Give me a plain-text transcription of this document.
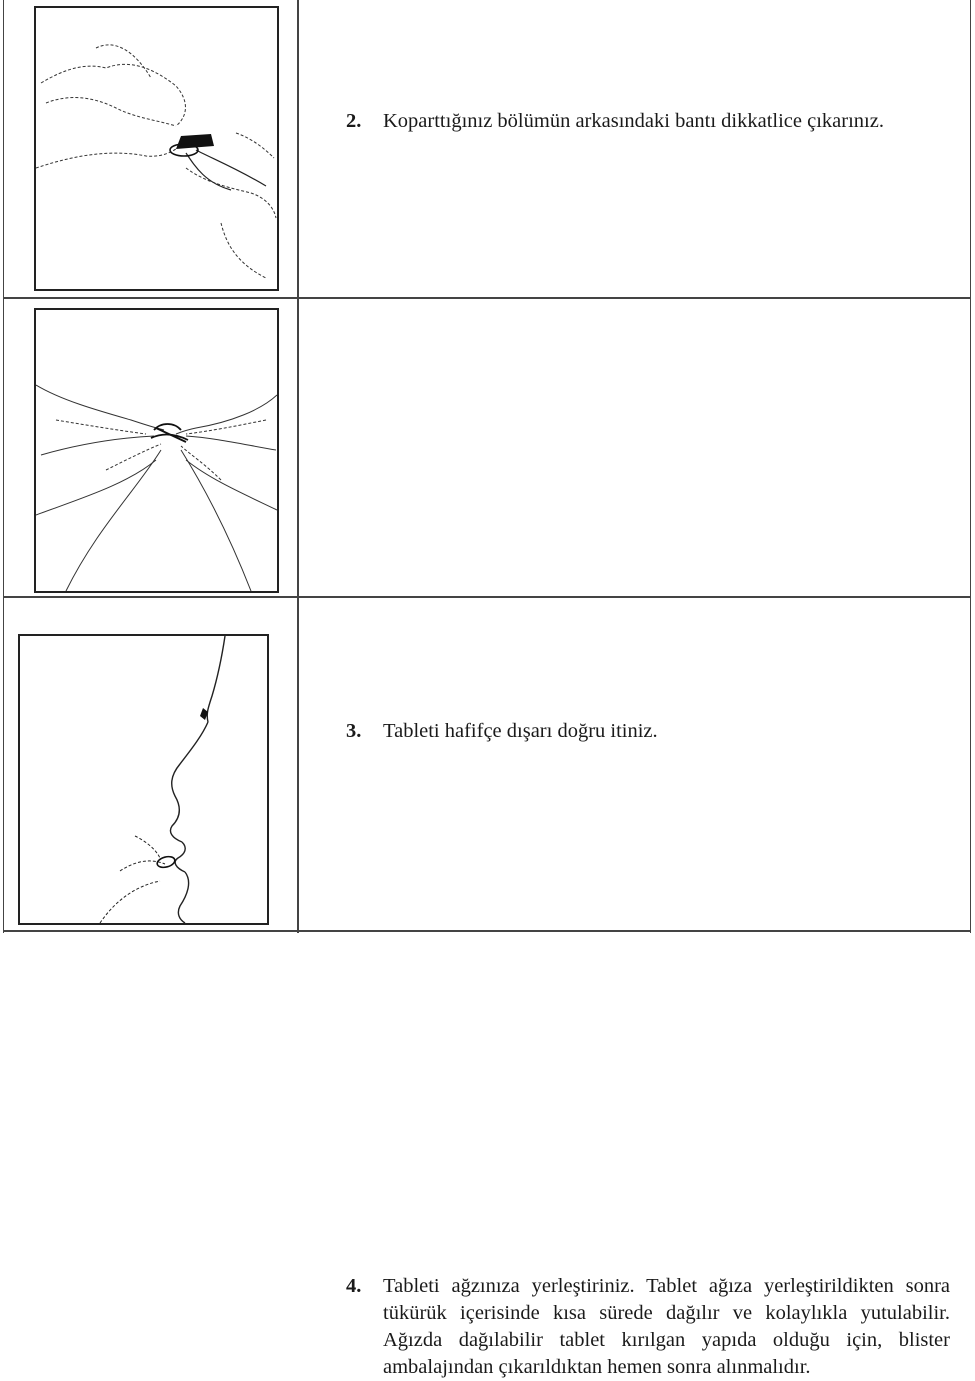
2. Koparttığınız bölümün arkasındaki bantı dikkatlice çıkarınız.
3. Tableti hafifçe dışarı doğru itiniz.
4. Tableti ağzınıza yerleştiriniz. Tablet ağıza yerleştirildikten sonra tükürük içerisinde kısa sürede dağılır ve kolaylıkla yutulabilir. Ağızda dağılabilir tablet kırılgan yapıda olduğu için, blister ambalajından çıkarıldıktan hemen sonra alınmalıdır.
